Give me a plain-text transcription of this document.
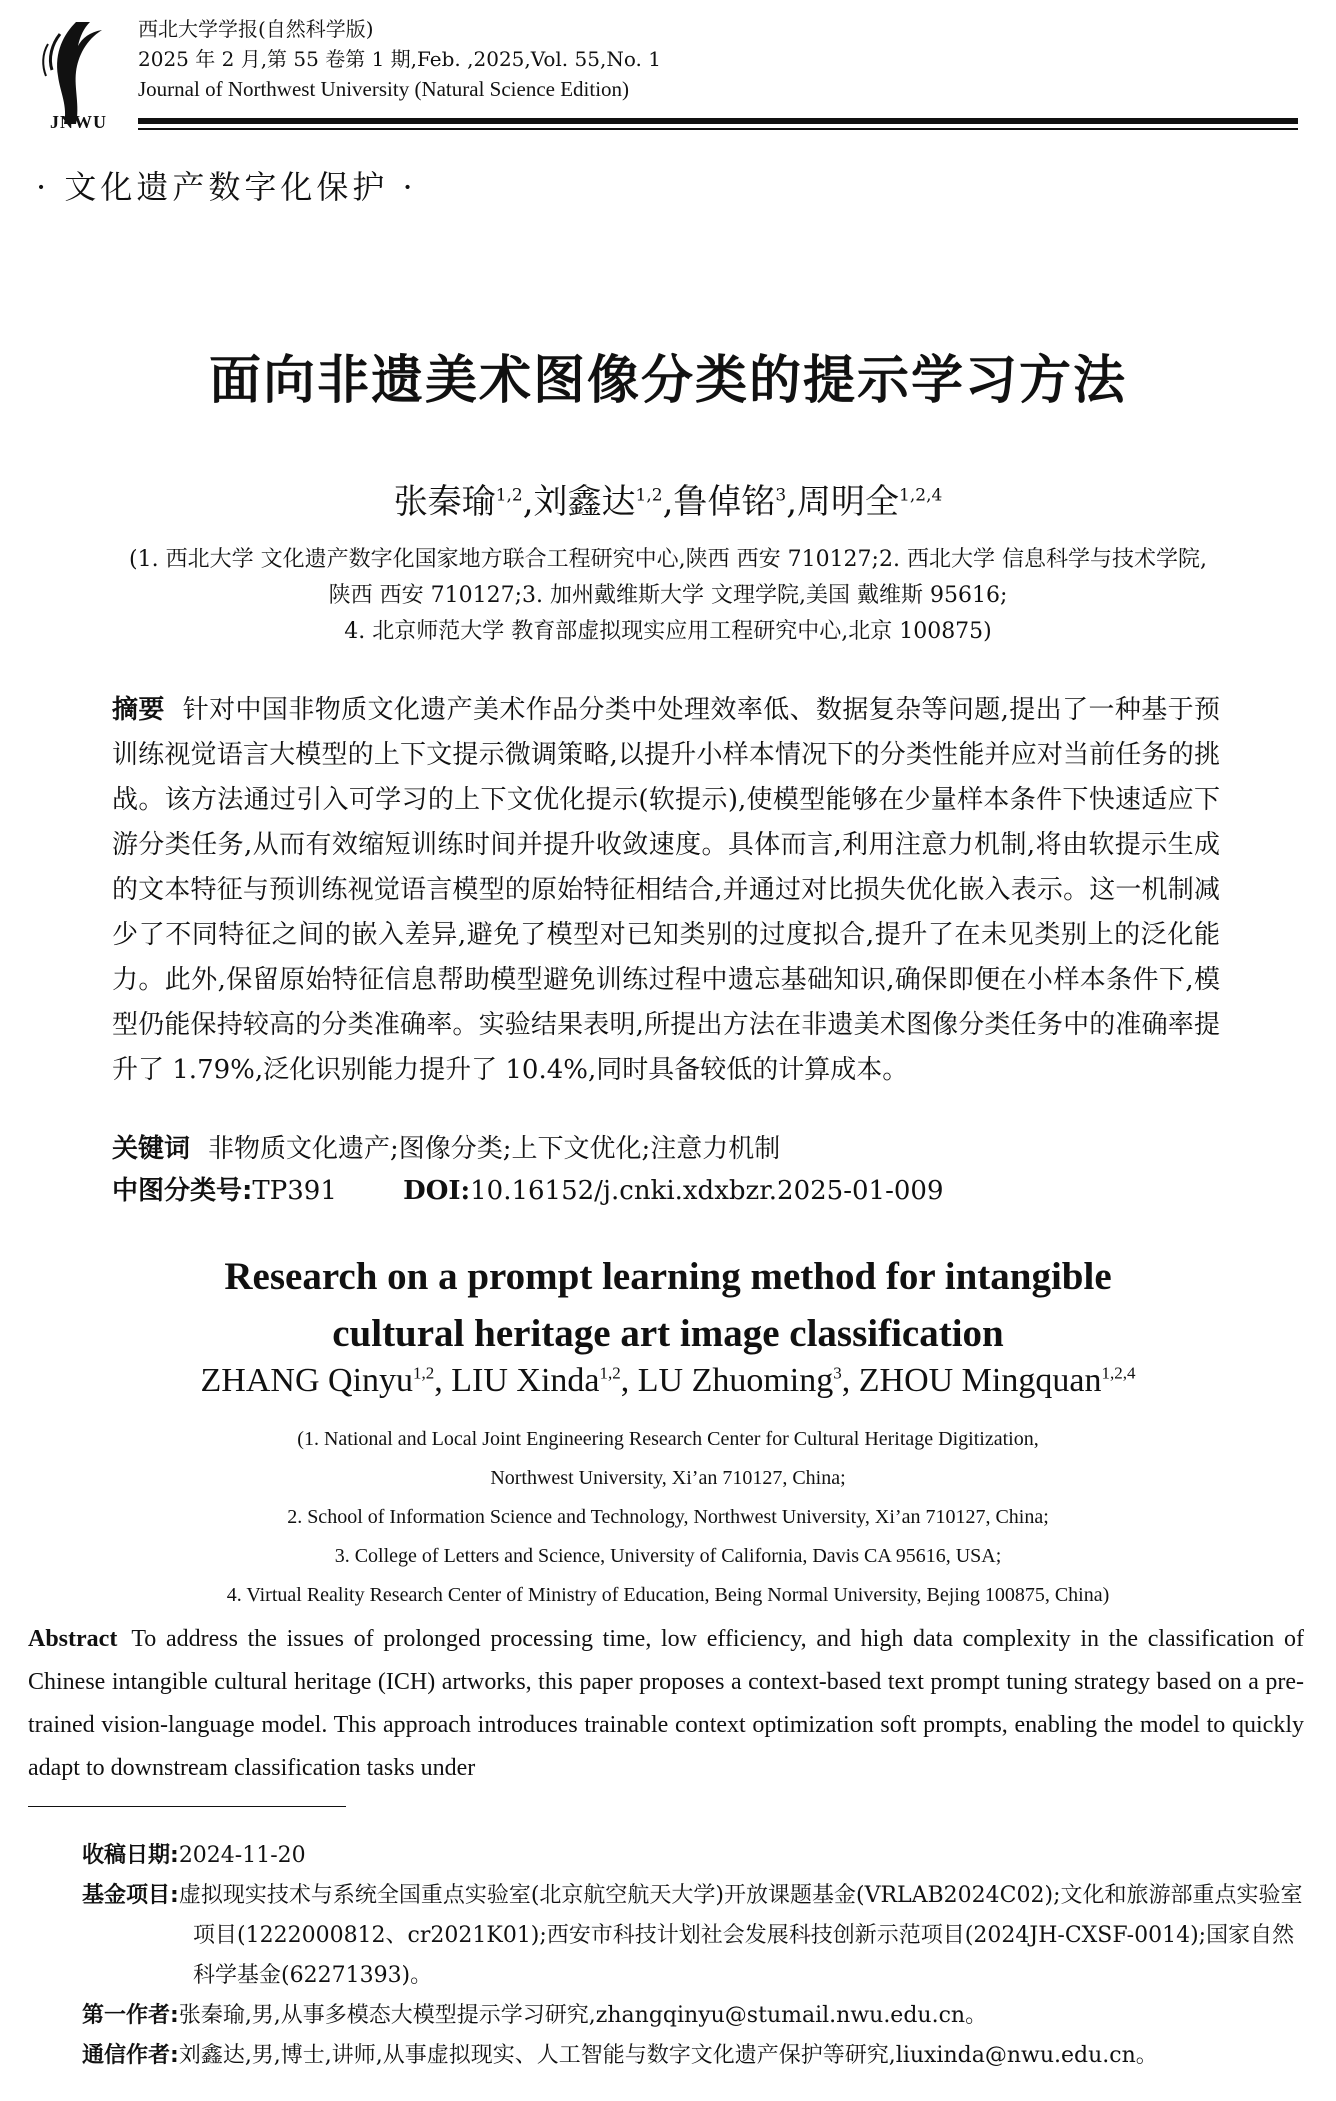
JNWU
西北大学学报(自然科学版)
2025 年 2 月,第 55 卷第 1 期,Feb. ,2025,Vol. 55,No. 1
Journal of Northwest University (Natural Science Edition)
· 文化遗产数字化保护 ·
面向非遗美术图像分类的提示学习方法
张秦瑜$^{1,2}$,刘鑫达$^{1,2}$,鲁倬铭$^3$,周明全$^{1,2,4}$
(1. 西北大学 文化遗产数字化国家地方联合工程研究中心,陕西 西安 710127;2. 西北大学 信息科学与技术学院,
陕西 西安 710127;3. 加州戴维斯大学 文理学院,美国 戴维斯 95616;
4. 北京师范大学 教育部虚拟现实应用工程研究中心,北京 100875)
摘要 针对中国非物质文化遗产美术作品分类中处理效率低、数据复杂等问题,提出了一种基于预训练视觉语言大模型的上下文提示微调策略,以提升小样本情况下的分类性能并应对当前任务的挑战。该方法通过引入可学习的上下文优化提示(软提示),使模型能够在少量样本条件下快速适应下游分类任务,从而有效缩短训练时间并提升收敛速度。具体而言,利用注意力机制,将由软提示生成的文本特征与预训练视觉语言模型的原始特征相结合,并通过对比损失优化嵌入表示。这一机制减少了不同特征之间的嵌入差异,避免了模型对已知类别的过度拟合,提升了在未见类别上的泛化能力。此外,保留原始特征信息帮助模型避免训练过程中遗忘基础知识,确保即便在小样本条件下,模型仍能保持较高的分类准确率。实验结果表明,所提出方法在非遗美术图像分类任务中的准确率提升了 1.79%,泛化识别能力提升了 10.4%,同时具备较低的计算成本。
关键词 非物质文化遗产;图像分类;上下文优化;注意力机制
中图分类号:TP391	DOI:10.16152/j.cnki.xdxbzr.2025-01-009
Research on a prompt learning method for intangible
cultural heritage art image classification
ZHANG Qinyu$^{1,2}$, LIU Xinda$^{1,2}$, LU Zhuoming$^3$, ZHOU Mingquan$^{1,2,4}$
(1. National and Local Joint Engineering Research Center for Cultural Heritage Digitization,
Northwest University, Xi’an 710127, China;
2. School of Information Science and Technology, Northwest University, Xi’an 710127, China;
3. College of Letters and Science, University of California, Davis CA 95616, USA;
4. Virtual Reality Research Center of Ministry of Education, Being Normal University, Bejing 100875, China)
Abstract To address the issues of prolonged processing time, low efficiency, and high data complexity in the classification of Chinese intangible cultural heritage (ICH) artworks, this paper proposes a context-based text prompt tuning strategy based on a pre-trained vision-language model. This approach introduces trainable context optimization soft prompts, enabling the model to quickly adapt to downstream classification tasks under
收稿日期:2024-11-20
基金项目:虚拟现实技术与系统全国重点实验室(北京航空航天大学)开放课题基金(VRLAB2024C02);文化和旅游部重点实验室项目(1222000812、cr2021K01);西安市科技计划社会发展科技创新示范项目(2024JH-CXSF-0014);国家自然科学基金(62271393)。
第一作者:张秦瑜,男,从事多模态大模型提示学习研究,zhangqinyu@stumail.nwu.edu.cn。
通信作者:刘鑫达,男,博士,讲师,从事虚拟现实、人工智能与数字文化遗产保护等研究,liuxinda@nwu.edu.cn。
